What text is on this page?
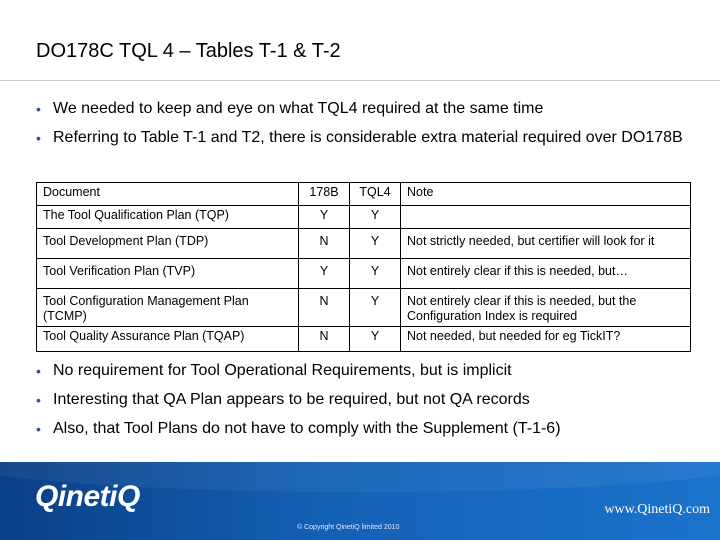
DO178C TQL 4 – Tables T-1 & T-2
• We needed to keep and eye on what TQL4 required at the same time
• Referring to Table T-1 and T2, there is considerable extra material required over DO178B
Document	178B	TQL4	Note
The Tool Qualification Plan (TQP)	Y	Y	
Tool Development Plan (TDP)	N	Y	Not strictly needed, but certifier will look for it
Tool Verification Plan (TVP)	Y	Y	Not entirely clear if this is needed, but…
Tool Configuration Management Plan (TCMP)	N	Y	Not entirely clear if this is needed, but the Configuration Index is required
Tool Quality Assurance Plan (TQAP)	N	Y	Not needed, but needed for eg TickIT?
• No requirement for Tool Operational Requirements, but is implicit
• Interesting that QA Plan appears to be required, but not QA records
• Also, that Tool Plans do not have to comply with the Supplement (T-1-6)
QinetiQ	www.QinetiQ.com
© Copyright QinetiQ limited 2010
